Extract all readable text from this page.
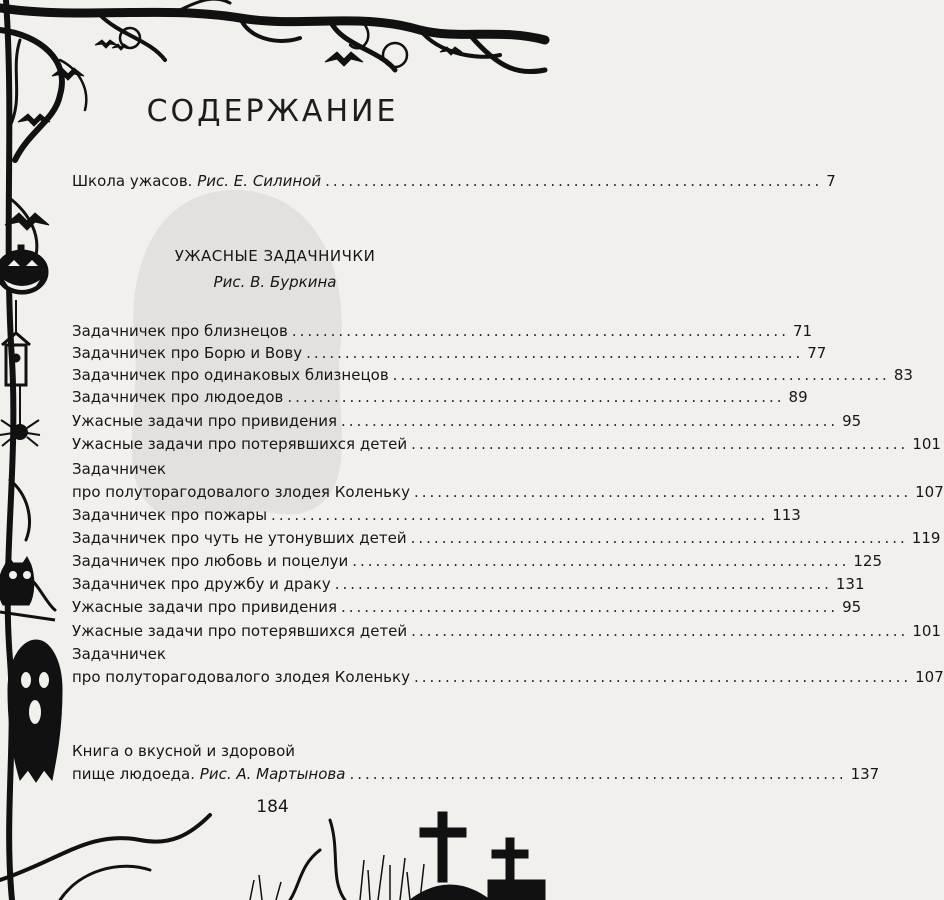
СОДЕРЖАНИЕ
Школа ужасов. Рис. Е. Силиной ................................................................ 7
УЖАСНЫЕ ЗАДАЧНИЧКИ
Рис. В. Буркина
Задачничек про близнецов ................................................................ 71
Задачничек про Борю и Вову ................................................................ 77
Задачничек про одинаковых близнецов ................................................................ 83
Задачничек про людоедов ................................................................ 89
Ужасные задачи про привидения ................................................................ 95
Ужасные задачи про потерявшихся детей ................................................................ 101
Задачничек
про полуторагодовалого злодея Коленьку ................................................................ 107
Задачничек про пожары ................................................................ 113
Задачничек про чуть не утонувших детей ................................................................ 119
Задачничек про любовь и поцелуи ................................................................ 125
Задачничек про дружбу и драку ................................................................ 131
Ужасные задачи про привидения ................................................................ 95
Ужасные задачи про потерявшихся детей ................................................................ 101
Задачничек
про полуторагодовалого злодея Коленьку ................................................................ 107
Книга о вкусной и здоровой
пище людоеда. Рис. А. Мартынова ................................................................ 137
184
